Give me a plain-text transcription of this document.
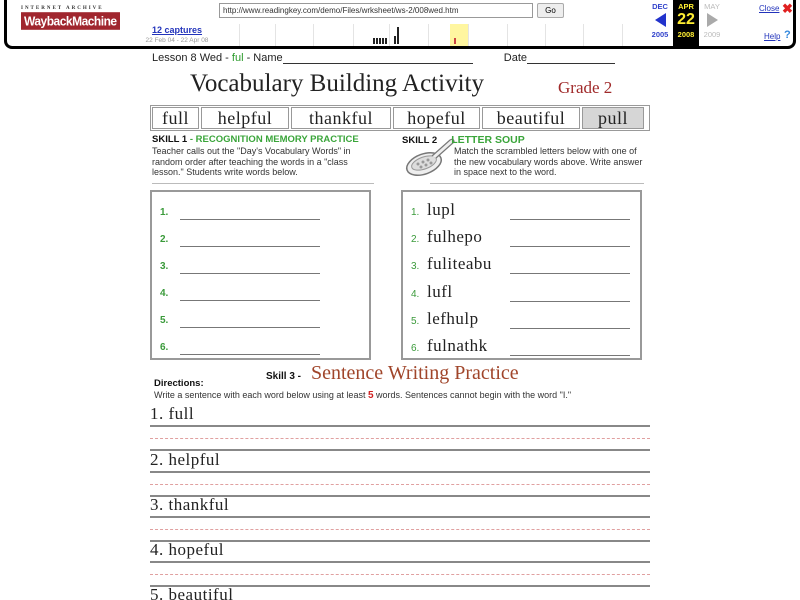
INTERNET ARCHIVE
WaybackMachine
12 captures
22 Feb 04 - 22 Apr 08
http://www.readingkey.com/demo/Files/wrksheet/ws-2/008wed.htm	Go	DEC
2005
APR
22
2008
MAY
2009
Close ✖
Help ?
Lesson 8 Wed - ful - Name	Date
Vocabulary Building Activity	Grade 2
full	helpful	thankful	hopeful	beautiful	pull
SKILL 1 - RECOGNITION MEMORY PRACTICE
Teacher calls out the "Day's Vocabulary Words" in random order after teaching the words in a "class lesson." Students write words below.
SKILL 2 LETTER SOUP
Match the scrambled letters below with one of the new vocabulary words above. Write answer in space next to the word.
1.
2.
3.
4.
5.
6.
1. lupl
2. fulhepo
3. fuliteabu
4. lufl
5. lefhulp
6. fulnathk
Directions:
Skill 3 - Sentence Writing Practice
Write a sentence with each word below using at least 5 words. Sentences cannot begin with the word "I."
1. full
2. helpful
3. thankful
4. hopeful
5. beautiful
